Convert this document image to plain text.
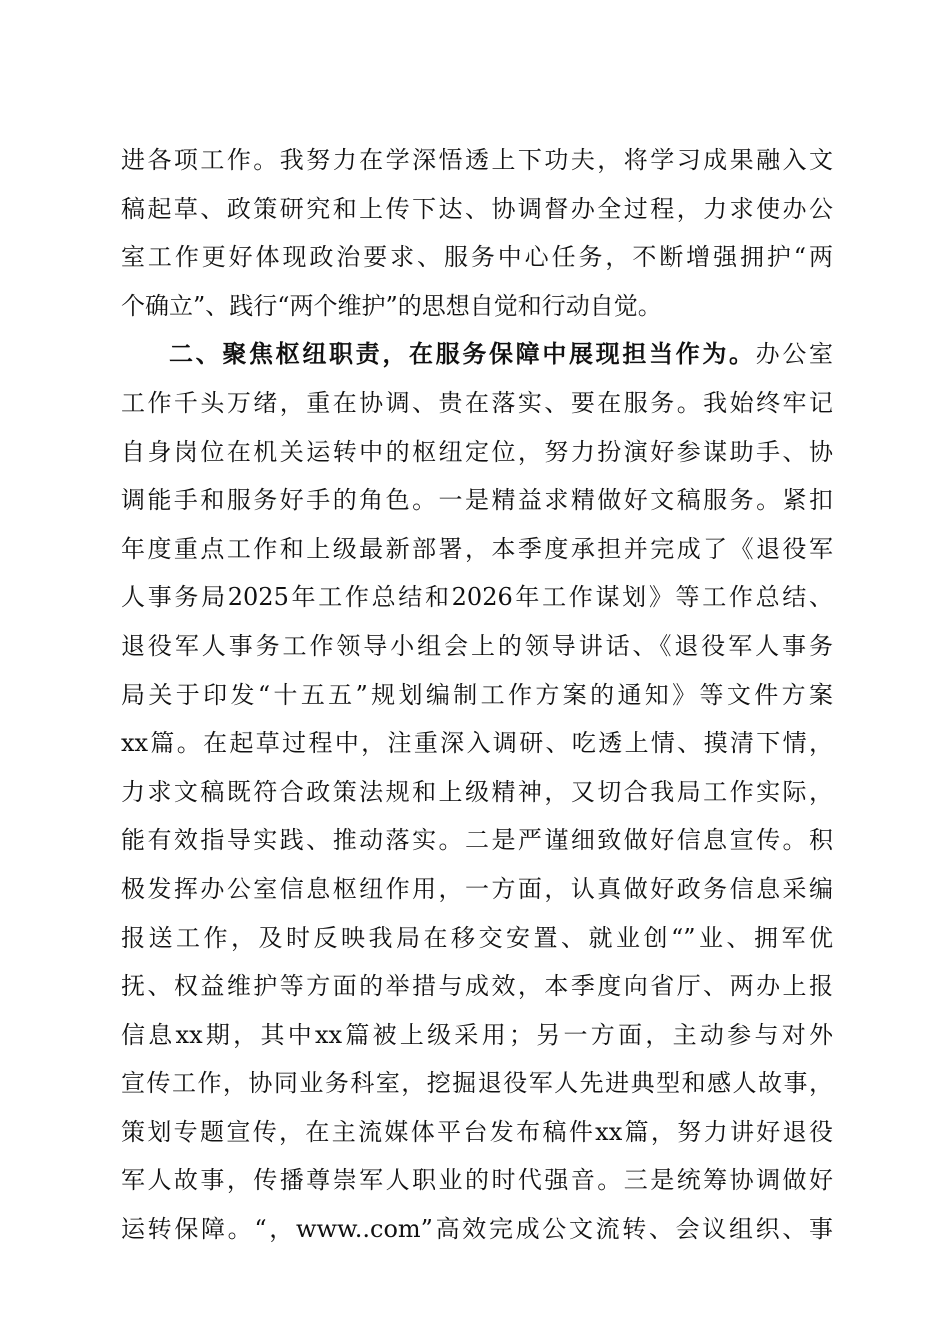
进各项工作。我努力在学深悟透上下功夫，将学习成果融入文
稿起草、政策研究和上传下达、协调督办全过程，力求使办公
室工作更好体现政治要求、服务中心任务，不断增强拥护“两
个确立”、践行“两个维护”的思想自觉和行动自觉。
二、聚焦枢纽职责，在服务保障中展现担当作为。办公室
工作千头万绪，重在协调、贵在落实、要在服务。我始终牢记
自身岗位在机关运转中的枢纽定位，努力扮演好参谋助手、协
调能手和服务好手的角色。一是精益求精做好文稿服务。紧扣
年度重点工作和上级最新部署，本季度承担并完成了《退役军
人事务局2025年工作总结和2026年工作谋划》等工作总结、
退役军人事务工作领导小组会上的领导讲话、《退役军人事务
局关于印发“十五五”规划编制工作方案的通知》等文件方案
xx篇。在起草过程中，注重深入调研、吃透上情、摸清下情，
力求文稿既符合政策法规和上级精神，又切合我局工作实际，
能有效指导实践、推动落实。二是严谨细致做好信息宣传。积
极发挥办公室信息枢纽作用，一方面，认真做好政务信息采编
报送工作，及时反映我局在移交安置、就业创“”业、拥军优
抚、权益维护等方面的举措与成效，本季度向省厅、两办上报
信息xx期，其中xx篇被上级采用；另一方面，主动参与对外
宣传工作，协同业务科室，挖掘退役军人先进典型和感人故事，
策划专题宣传，在主流媒体平台发布稿件xx篇，努力讲好退役
军人故事，传播尊崇军人职业的时代强音。三是统筹协调做好
运转保障。“，www..com”高效完成公文流转、会议组织、事
